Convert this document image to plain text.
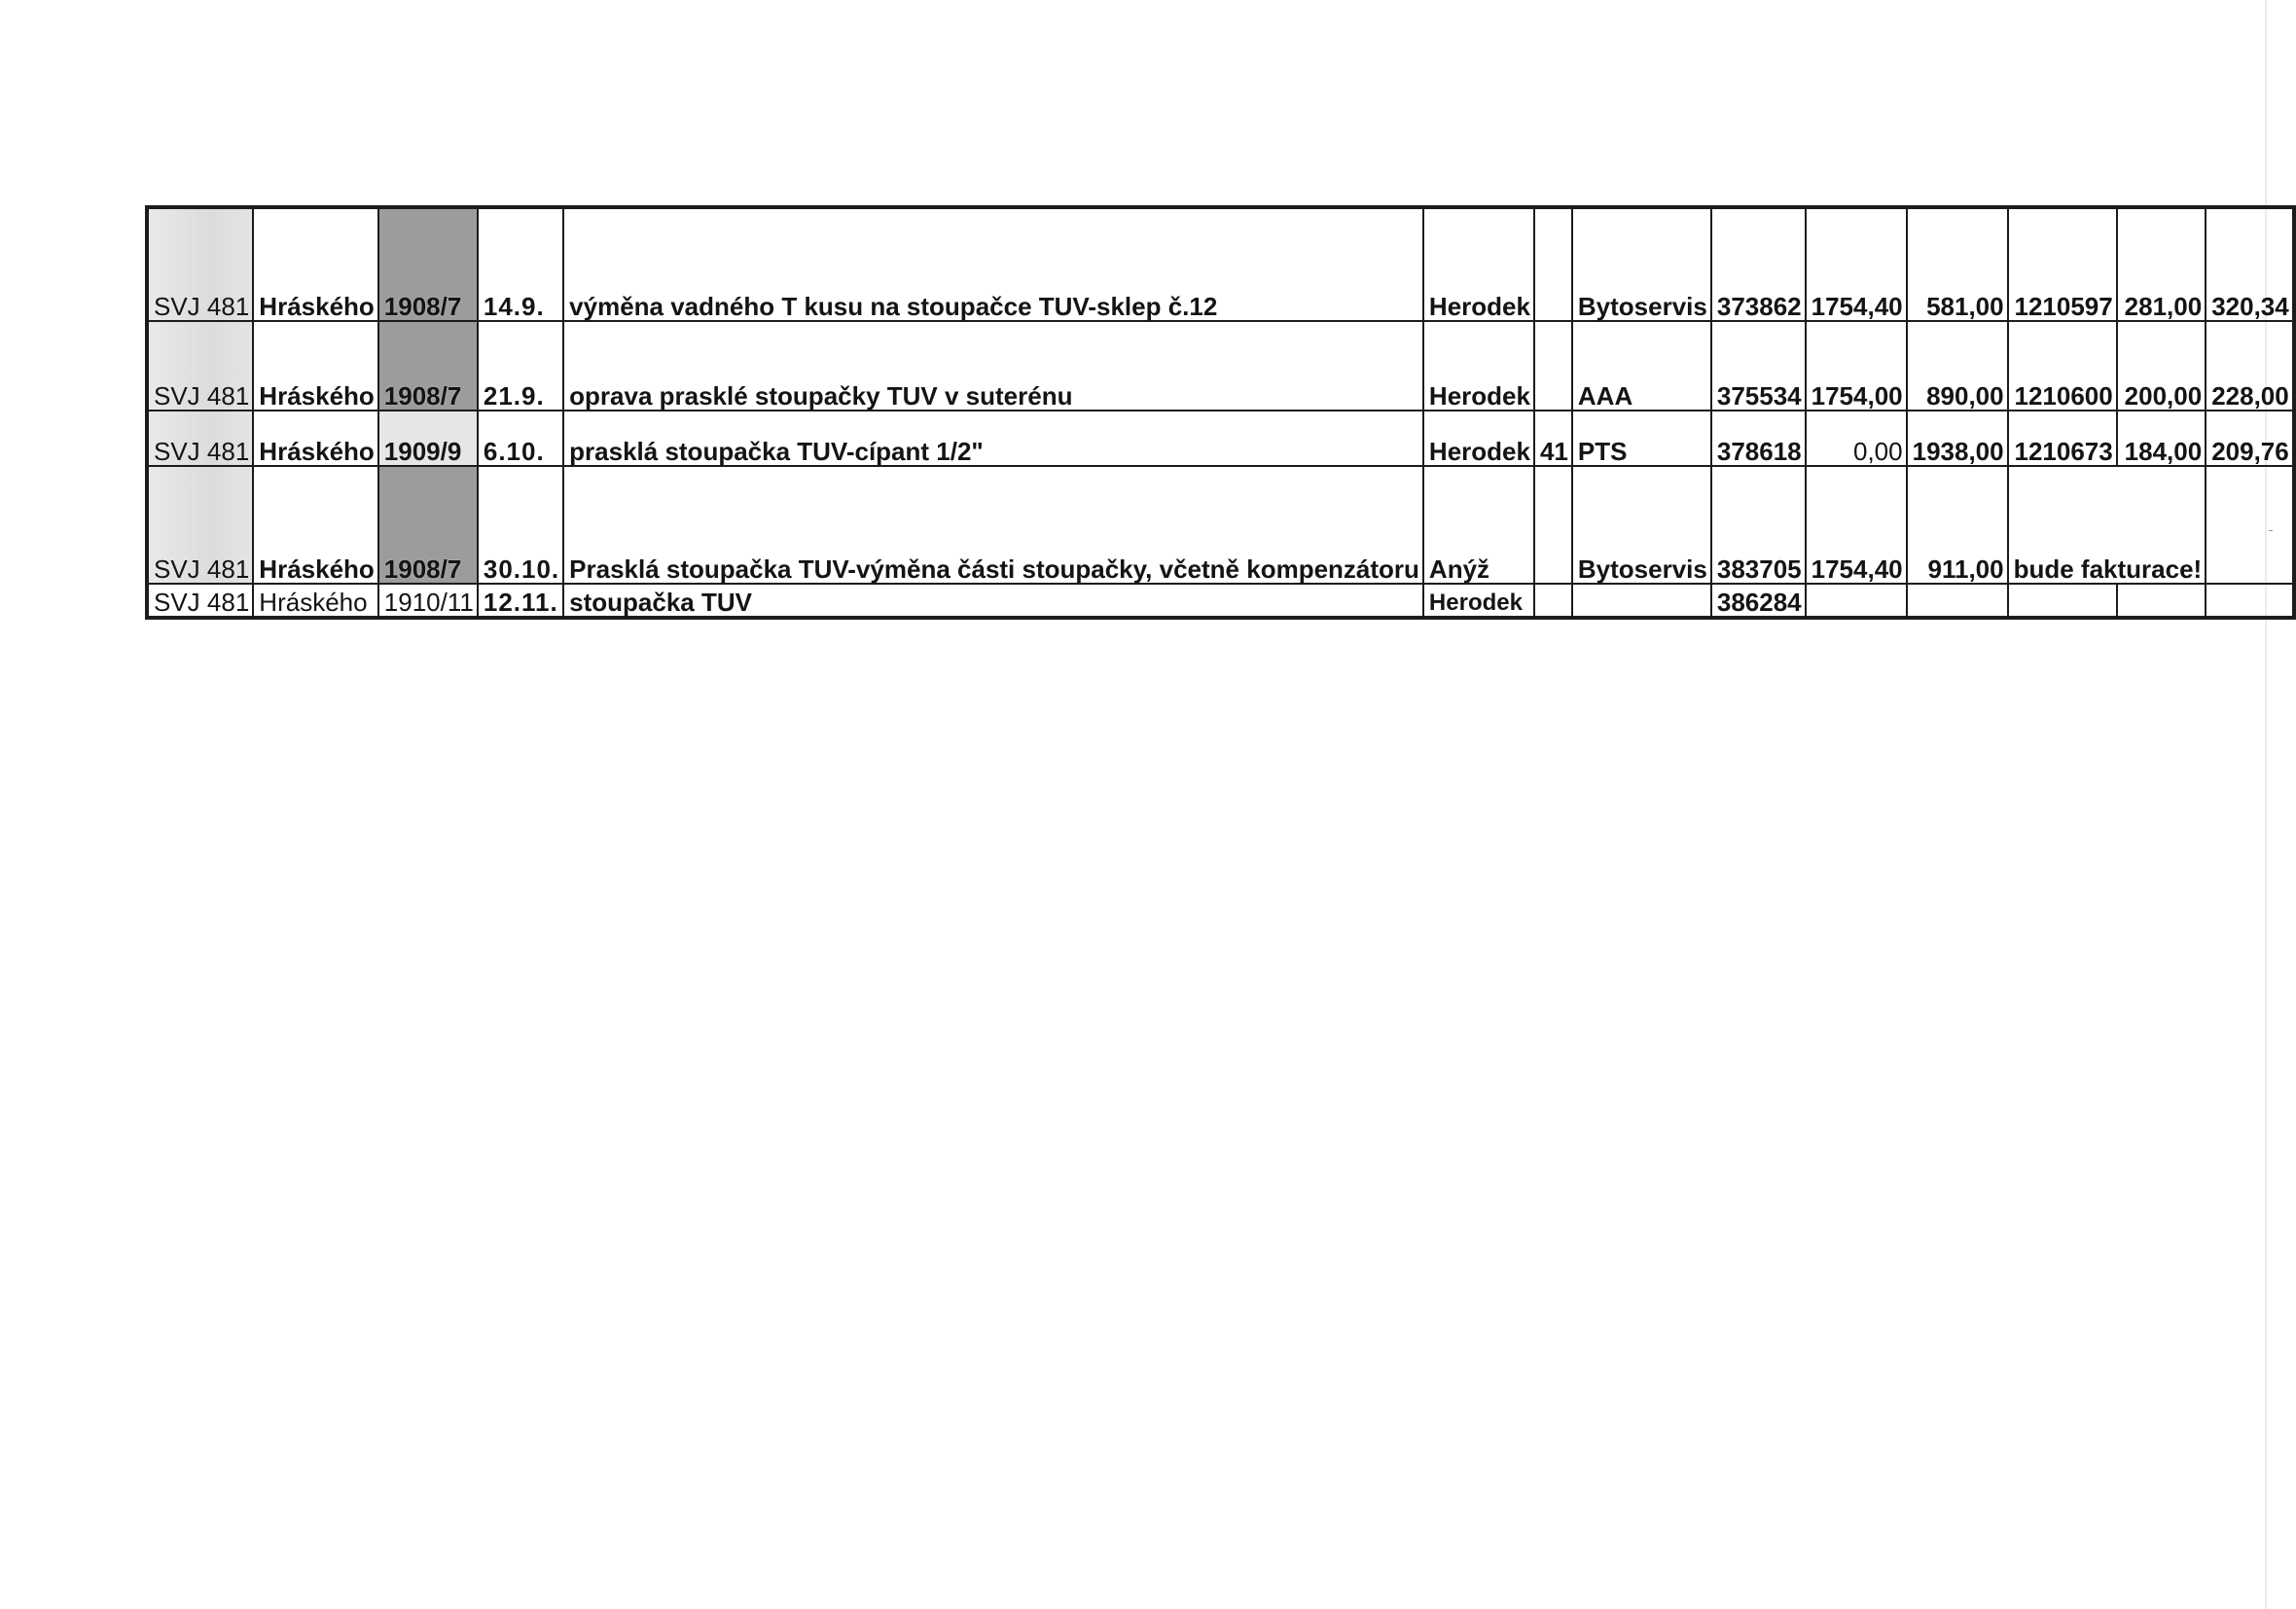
SVJ 481	Hráského	1908/7	14.9.	výměna vadného T kusu na stoupačce TUV-sklep č.12	Herodek		Bytoservis	373862	1754,40	581,00	1210597	281,00	320,34
SVJ 481	Hráského	1908/7	21.9.	oprava prasklé stoupačky TUV v suterénu	Herodek		AAA	375534	1754,00	890,00	1210600	200,00	228,00
SVJ 481	Hráského	1909/9	6.10.	prasklá stoupačka TUV-cípant 1/2"	Herodek	41	PTS	378618	0,00	1938,00	1210673	184,00	209,76
SVJ 481	Hráského	1908/7	30.10.	Prasklá stoupačka TUV-výměna části stoupačky, včetně kompenzátoru	Anýž		Bytoservis	383705	1754,40	911,00	bude fakturace!		
SVJ 481	Hráského	1910/11	12.11.	stoupačka TUV	Herodek			386284					
